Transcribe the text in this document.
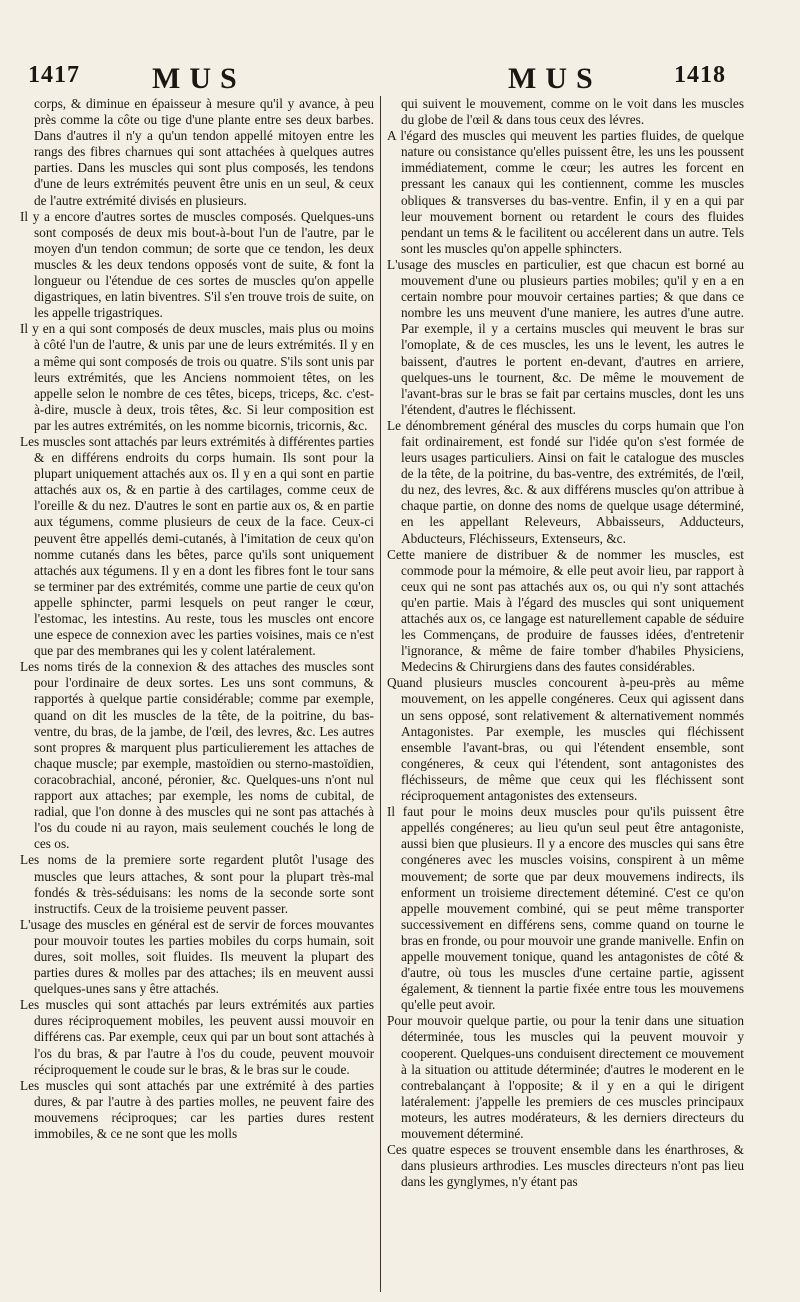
1417 MUS	MUS	1418

corps, & diminue en épaisseur à mesure qu'il y avance, à peu près comme la côte ou tige d'une plante entre ses deux barbes. Dans d'autres il n'y a qu'un tendon appellé mitoyen entre les rangs des fibres charnues qui sont attachées à quelques autres parties. Dans les muscles qui sont plus composés, les tendons d'une de leurs extrémités peuvent être unis en un seul, & ceux de l'autre extrémité divisés en plusieurs.

Il y a encore d'autres sortes de muscles composés. Quelques-uns sont composés de deux mis bout-à-bout l'un de l'autre, par le moyen d'un tendon commun; de sorte que ce tendon, les deux muscles & les deux tendons opposés vont de suite, & font la longueur ou l'étendue de ces sortes de muscles qu'on appelle digastriques, en latin biventres. S'il s'en trouve trois de suite, on les appelle trigastriques.

Il y en a qui sont composés de deux muscles, mais plus ou moins à côté l'un de l'autre, & unis par une de leurs extrémités. Il y en a même qui sont composés de trois ou quatre. S'ils sont unis par leurs extrémités, que les Anciens nommoient têtes, on les appelle selon le nombre de ces têtes, biceps, triceps, &c. c'est-à-dire, muscle à deux, trois têtes, &c. Si leur composition est par les autres extrémités, on les nomme bicornis, tricornis, &c.

Les muscles sont attachés par leurs extrémités à différentes parties & en différens endroits du corps humain. Ils sont pour la plupart uniquement attachés aux os. Il y en a qui sont en partie attachés aux os, & en partie à des cartilages, comme ceux de l'oreille & du nez. D'autres le sont en partie aux os, & en partie aux tégumens, comme plusieurs de ceux de la face. Ceux-ci peuvent être appellés demi-cutanés, à l'imitation de ceux qu'on nomme cutanés dans les bêtes, parce qu'ils sont uniquement attachés aux tégumens. Il y en a dont les fibres font le tour sans se terminer par des extrémités, comme une partie de ceux qu'on appelle sphincter, parmi lesquels on peut ranger le cœur, l'estomac, les intestins. Au reste, tous les muscles ont encore une espece de connexion avec les parties voisines, mais ce n'est que par des membranes qui les y colent latéralement.

Les noms tirés de la connexion & des attaches des muscles sont pour l'ordinaire de deux sortes. Les uns sont communs, & rapportés à quelque partie considérable; comme par exemple, quand on dit les muscles de la tête, de la poitrine, du bas-ventre, du bras, de la jambe, de l'œil, des levres, &c. Les autres sont propres & marquent plus particulierement les attaches de chaque muscle; par exemple, mastoïdien ou sterno-mastoïdien, coracobrachial, anconé, péronier, &c. Quelques-uns n'ont nul rapport aux attaches; par exemple, les noms de cubital, de radial, que l'on donne à des muscles qui ne sont pas attachés à l'os du coude ni au rayon, mais seulement couchés le long de ces os.

Les noms de la premiere sorte regardent plutôt l'usage des muscles que leurs attaches, & sont pour la plupart très-mal fondés & très-séduisans: les noms de la seconde sorte sont instructifs. Ceux de la troisieme peuvent passer.

L'usage des muscles en général est de servir de forces mouvantes pour mouvoir toutes les parties mobiles du corps humain, soit dures, soit molles, soit fluides. Ils meuvent la plupart des parties dures & molles par des attaches; ils en meuvent aussi quelques-unes sans y être attachés.

Les muscles qui sont attachés par leurs extrémités aux parties dures réciproquement mobiles, les peuvent aussi mouvoir en différens cas. Par exemple, ceux qui par un bout sont attachés à l'os du bras, & par l'autre à l'os du coude, peuvent mouvoir réciproquement le coude sur le bras, & le bras sur le coude.

Les muscles qui sont attachés par une extrémité à des parties dures, & par l'autre à des parties molles, ne peuvent faire des mouvemens réciproques; car les parties dures restent immobiles, & ce ne sont que les molls

qui suivent le mouvement, comme on le voit dans les muscles du globe de l'œil & dans tous ceux des lévres.

A l'égard des muscles qui meuvent les parties fluides, de quelque nature ou consistance qu'elles puissent être, les uns les poussent immédiatement, comme le cœur; les autres les forcent en pressant les canaux qui les contiennent, comme les muscles obliques & transverses du bas-ventre. Enfin, il y en a qui par leur mouvement bornent ou retardent le cours des fluides pendant un tems & le facilitent ou accélerent dans un autre. Tels sont les muscles qu'on appelle sphincters.

L'usage des muscles en particulier, est que chacun est borné au mouvement d'une ou plusieurs parties mobiles; qu'il y en a en certain nombre pour mouvoir certaines parties; & que dans ce nombre les uns meuvent d'une maniere, les autres d'une autre. Par exemple, il y a certains muscles qui meuvent le bras sur l'omoplate, & de ces muscles, les uns le levent, les autres le baissent, d'autres le portent en-devant, d'autres en arriere, quelques-uns le tournent, &c. De même le mouvement de l'avant-bras sur le bras se fait par certains muscles, dont les uns l'étendent, d'autres le fléchissent.

Le dénombrement général des muscles du corps humain que l'on fait ordinairement, est fondé sur l'idée qu'on s'est formée de leurs usages particuliers. Ainsi on fait le catalogue des muscles de la tête, de la poitrine, du bas-ventre, des extrémités, de l'œil, du nez, des levres, &c. & aux différens muscles qu'on attribue à chaque partie, on donne des noms de quelque usage déterminé, en les appellant Releveurs, Abbaisseurs, Adducteurs, Abducteurs, Fléchisseurs, Extenseurs, &c.

Cette maniere de distribuer & de nommer les muscles, est commode pour la mémoire, & elle peut avoir lieu, par rapport à ceux qui ne sont pas attachés aux os, ou qui n'y sont attachés qu'en partie. Mais à l'égard des muscles qui sont uniquement attachés aux os, ce langage est naturellement capable de séduire les Commençans, de produire de fausses idées, d'entretenir l'ignorance, & même de faire tomber d'habiles Physiciens, Medecins & Chirurgiens dans des fautes considérables.

Quand plusieurs muscles concourent à-peu-près au même mouvement, on les appelle congéneres. Ceux qui agissent dans un sens opposé, sont relativement & alternativement nommés Antagonistes. Par exemple, les muscles qui fléchissent ensemble l'avant-bras, ou qui l'étendent ensemble, sont congéneres, & ceux qui l'étendent, sont antagonistes des fléchisseurs, de même que ceux qui les fléchissent sont réciproquement antagonistes des extenseurs.

Il faut pour le moins deux muscles pour qu'ils puissent être appellés congéneres; au lieu qu'un seul peut être antagoniste, aussi bien que plusieurs. Il y a encore des muscles qui sans être congéneres avec les muscles voisins, conspirent à un même mouvement; de sorte que par deux mouvemens indirects, ils enforment un troisieme directement déteminé. C'est ce qu'on appelle mouvement combiné, qui se peut même transporter successivement en différens sens, comme quand on tourne le bras en fronde, ou pour mouvoir une grande manivelle. Enfin on appelle mouvement tonique, quand les antagonistes de côté & d'autre, où tous les muscles d'une certaine partie, agissent également, & tiennent la partie fixée entre tous les mouvemens qu'elle peut avoir.

Pour mouvoir quelque partie, ou pour la tenir dans une situation déterminée, tous les muscles qui la peuvent mouvoir y cooperent. Quelques-uns conduisent directement ce mouvement à la situation ou attitude déterminée; d'autres le moderent en le contrebalançant à l'opposite; & il y en a qui le dirigent latéralement: j'appelle les premiers de ces muscles principaux moteurs, les autres modérateurs, & les derniers directeurs du mouvement déterminé.

Ces quatre especes se trouvent ensemble dans les énarthroses, & dans plusieurs arthrodies. Les muscles directeurs n'ont pas lieu dans les gynglymes, n'y étant pas
